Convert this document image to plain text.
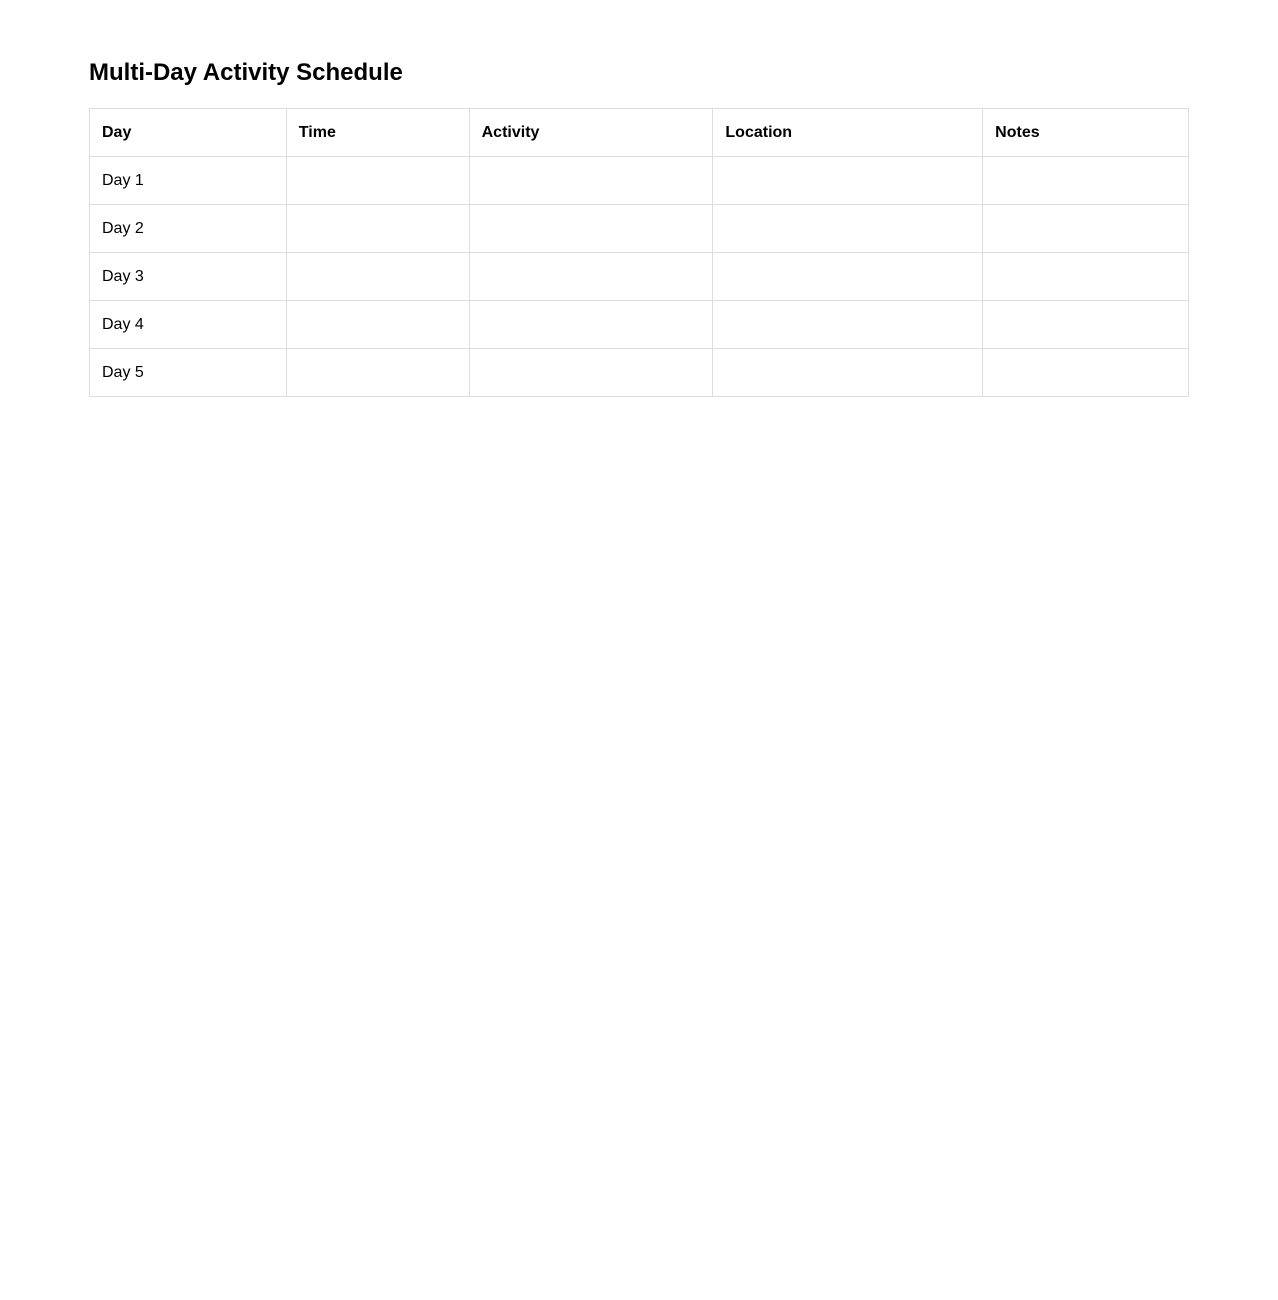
Multi-Day Activity Schedule
Day	Time	Activity	Location	Notes
Day 1				
Day 2				
Day 3				
Day 4				
Day 5				
